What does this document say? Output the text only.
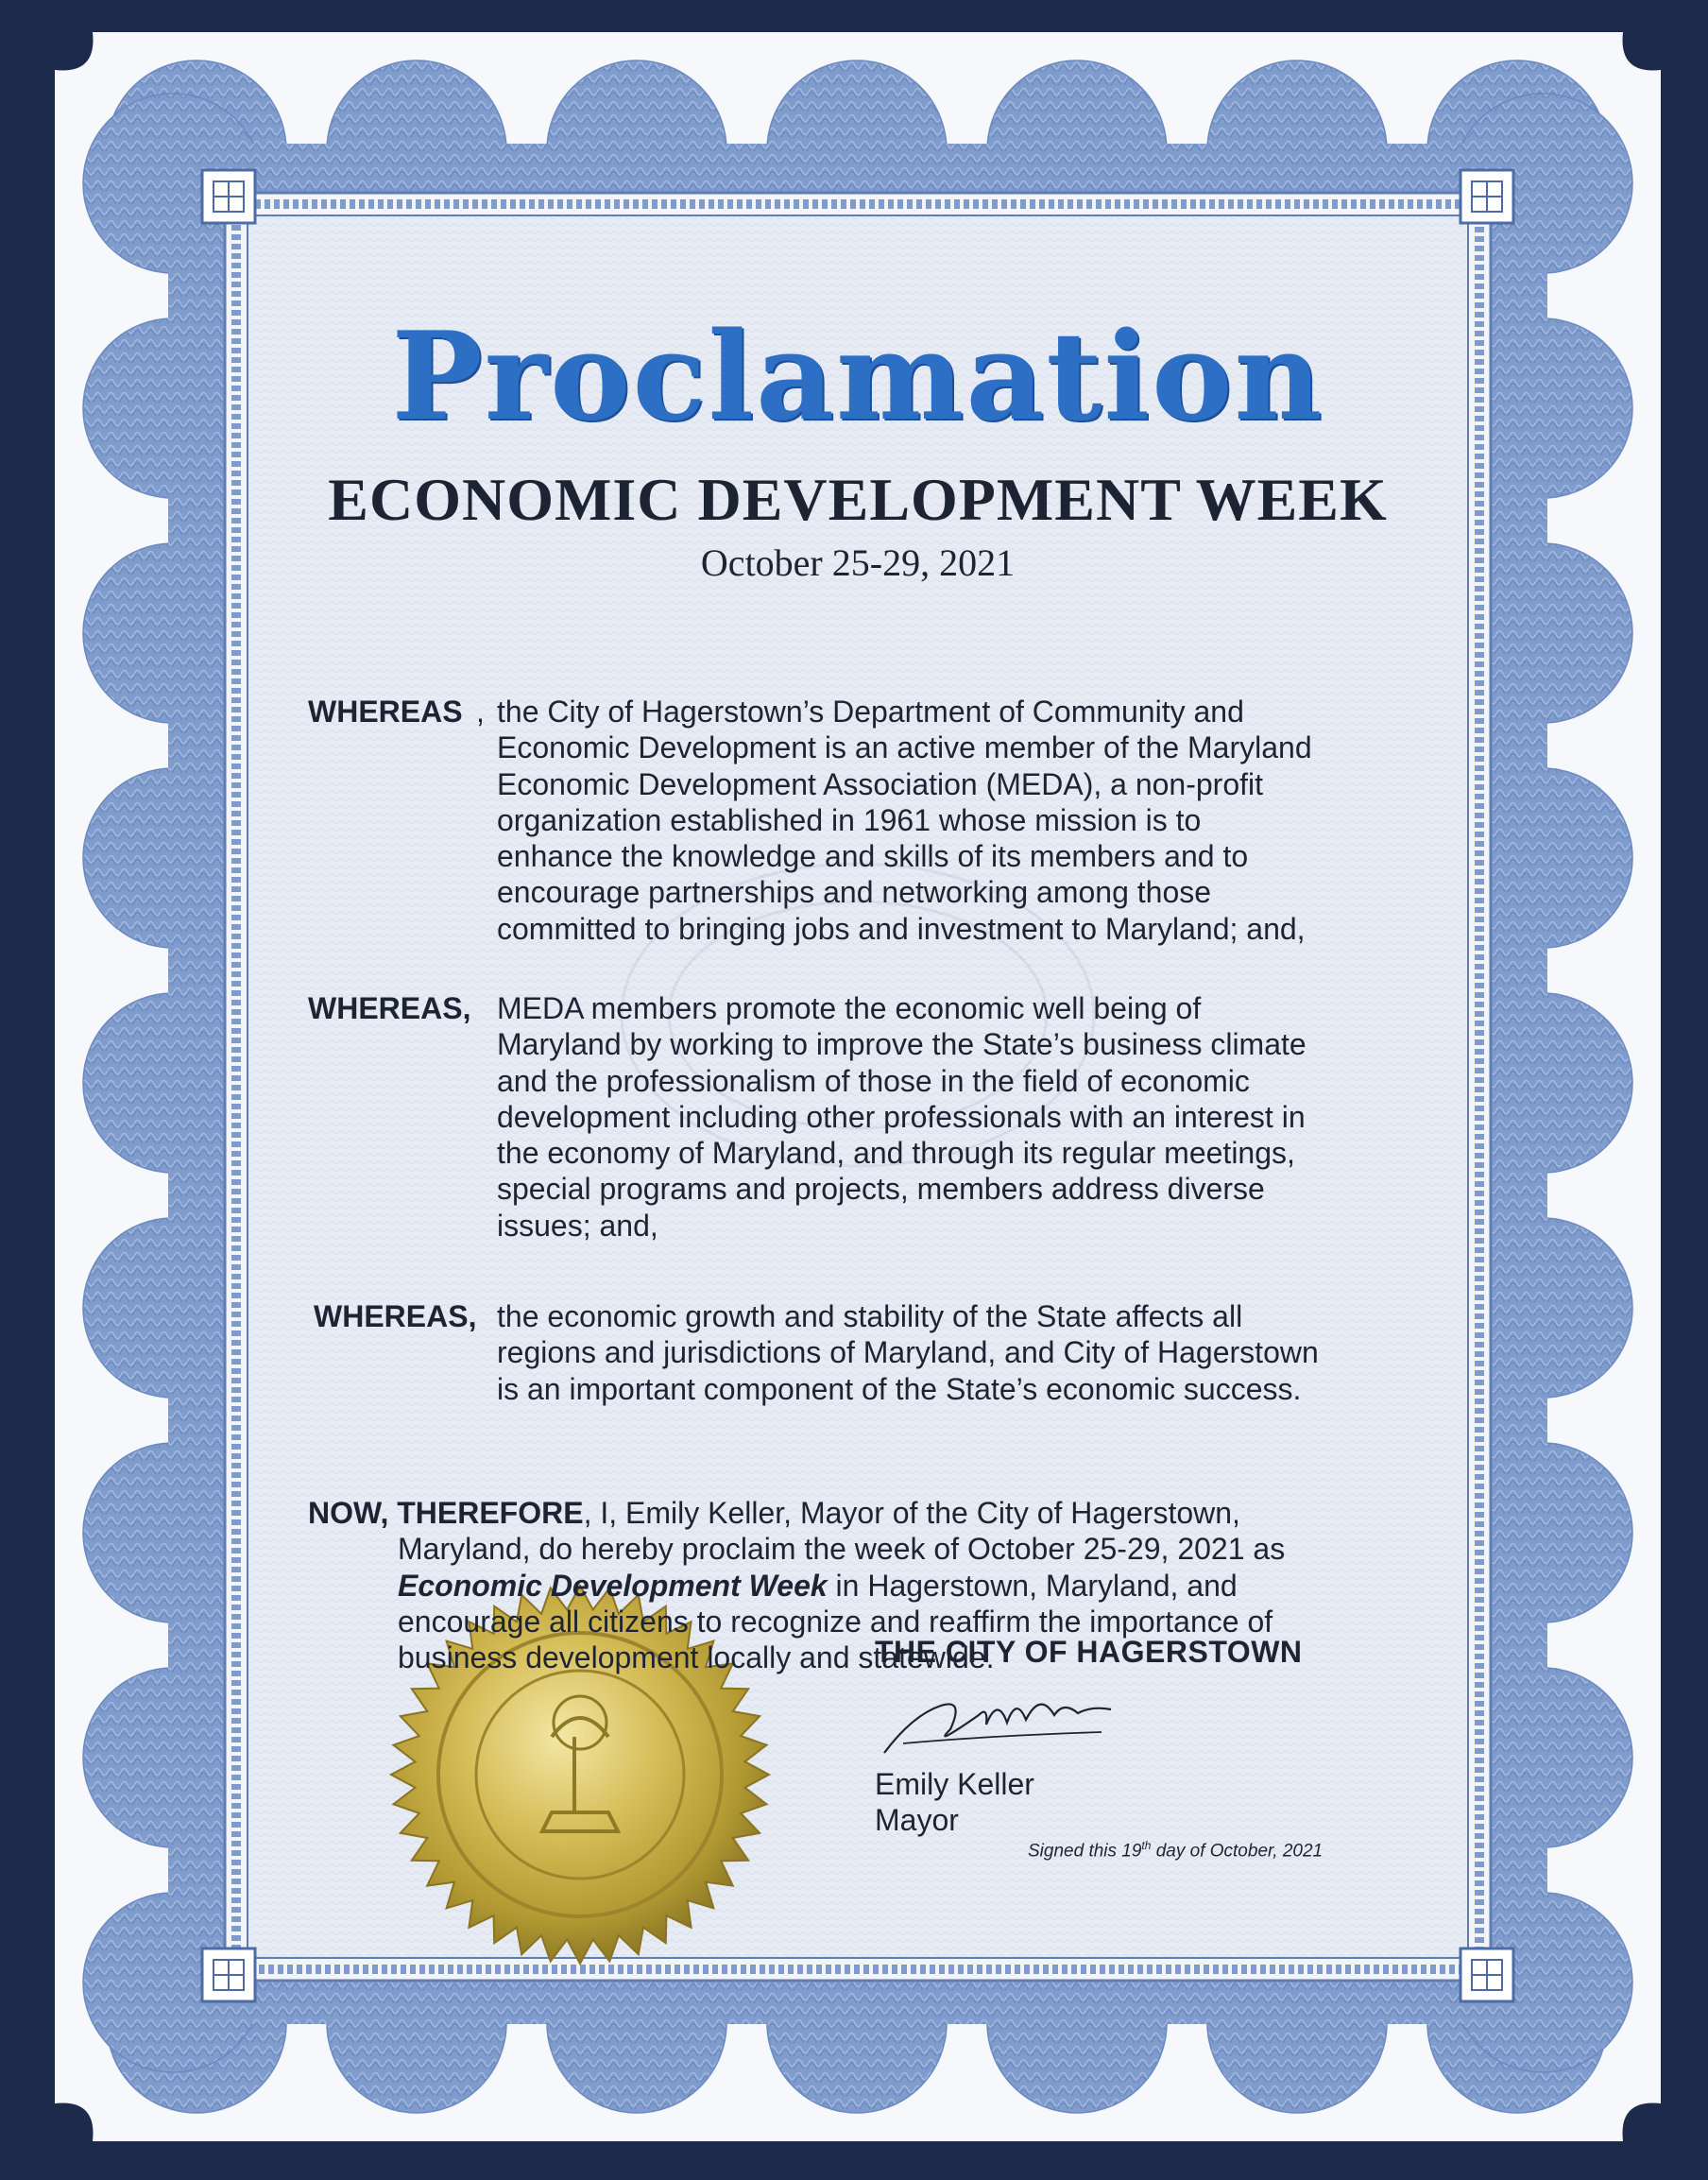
Proclamation
ECONOMIC DEVELOPMENT WEEK
October 25-29, 2021
WHEREAS , the City of Hagerstown’s Department of Community and
Economic Development is an active member of the Maryland
Economic Development Association (MEDA), a non-profit
organization established in 1961 whose mission is to
enhance the knowledge and skills of its members and to
encourage partnerships and networking among those
committed to bringing jobs and investment to Maryland; and,
WHEREAS, MEDA members promote the economic well being of
Maryland by working to improve the State’s business climate
and the professionalism of those in the field of economic
development including other professionals with an interest in
the economy of Maryland, and through its regular meetings,
special programs and projects, members address diverse
issues; and,
WHEREAS, the economic growth and stability of the State affects all
regions and jurisdictions of Maryland, and City of Hagerstown
is an important component of the State’s economic success.
NOW, THEREFORE, I, Emily Keller, Mayor of the City of Hagerstown,
Maryland, do hereby proclaim the week of October 25-29, 2021 as
Economic Development Week in Hagerstown, Maryland, and
encourage all citizens to recognize and reaffirm the importance of
business development locally and statewide.
THE CITY OF HAGERSTOWN
Emily Keller
Mayor
Signed this 19th day of October, 2021
